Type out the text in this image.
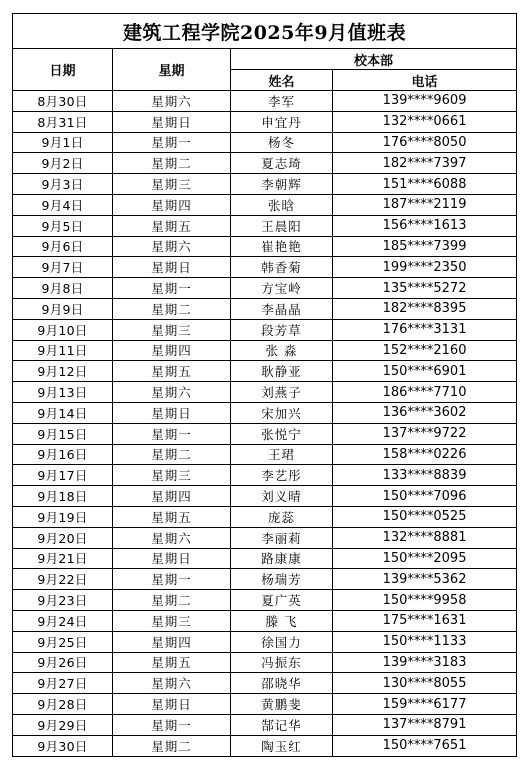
建筑工程学院2025年9月值班表			
日期	星期	校本部	
		姓名	电话
8月30日	星期六	李军	139****9609
8月31日	星期日	申宜丹	132****0661
9月1日	星期一	杨冬	176****8050
9月2日	星期二	夏志琦	182****7397
9月3日	星期三	李朝辉	151****6088
9月4日	星期四	张晗	187****2119
9月5日	星期五	王晨阳	156****1613
9月6日	星期六	崔艳艳	185****7399
9月7日	星期日	韩香菊	199****2350
9月8日	星期一	方宝岭	135****5272
9月9日	星期二	李晶晶	182****8395
9月10日	星期三	段芳草	176****3131
9月11日	星期四	张 淼	152****2160
9月12日	星期五	耿静亚	150****6901
9月13日	星期六	刘燕子	186****7710
9月14日	星期日	宋加兴	136****3602
9月15日	星期一	张悦宁	137****9722
9月16日	星期二	王珺	158****0226
9月17日	星期三	李艺彤	133****8839
9月18日	星期四	刘义晴	150****7096
9月19日	星期五	庞蕊	150****0525
9月20日	星期六	李丽莉	132****8881
9月21日	星期日	路康康	150****2095
9月22日	星期一	杨瑞芳	139****5362
9月23日	星期二	夏广英	150****9958
9月24日	星期三	滕 飞	175****1631
9月25日	星期四	徐国力	150****1133
9月26日	星期五	冯振东	139****3183
9月27日	星期六	邵晓华	130****8055
9月28日	星期日	黄鹏斐	159****6177
9月29日	星期一	郜记华	137****8791
9月30日	星期二	陶玉红	150****7651
